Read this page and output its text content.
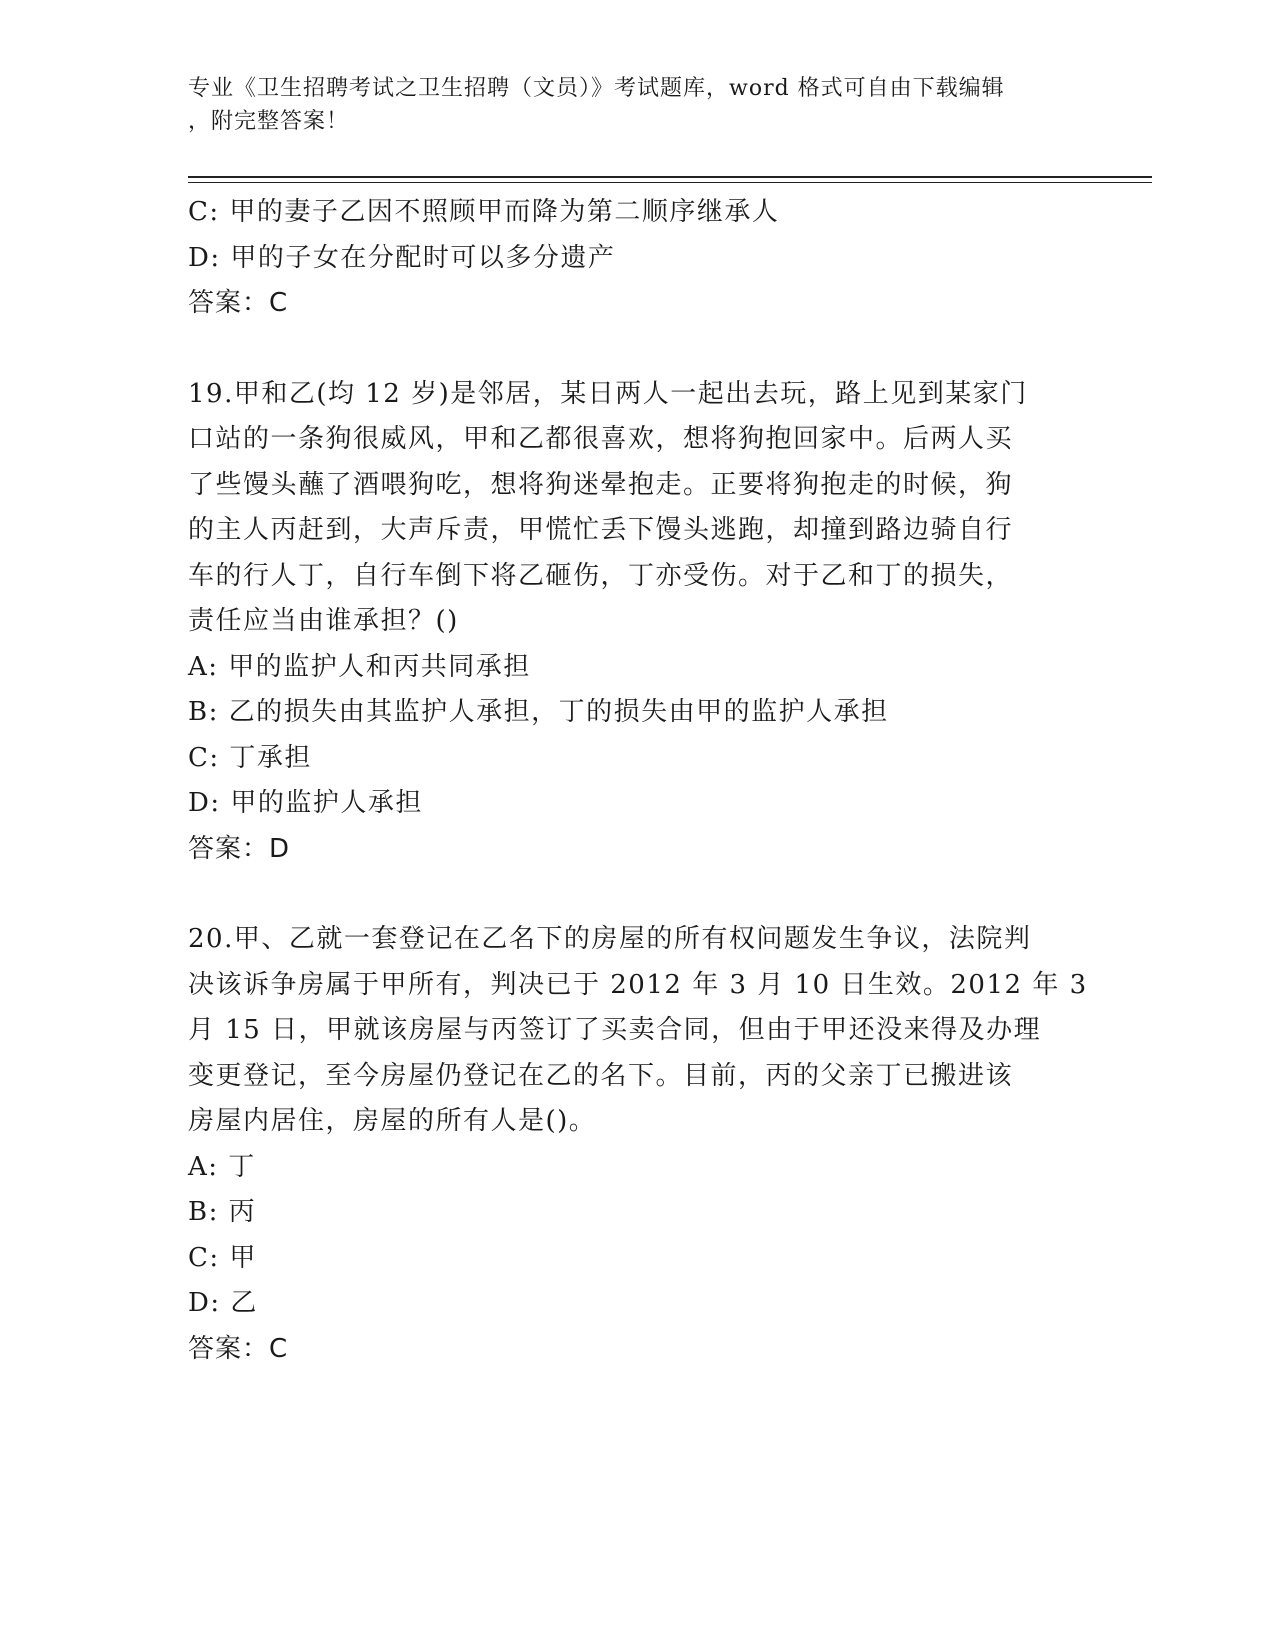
专业《卫生招聘考试之卫生招聘（文员）》考试题库，word 格式可自由下载编辑
，附完整答案！
C: 甲的妻子乙因不照顾甲而降为第二顺序继承人
D: 甲的子女在分配时可以多分遗产
答案：C
19.甲和乙(均 12 岁)是邻居，某日两人一起出去玩，路上见到某家门
口站的一条狗很威风，甲和乙都很喜欢，想将狗抱回家中。后两人买
了些馒头蘸了酒喂狗吃，想将狗迷晕抱走。正要将狗抱走的时候，狗
的主人丙赶到，大声斥责，甲慌忙丢下馒头逃跑，却撞到路边骑自行
车的行人丁，自行车倒下将乙砸伤，丁亦受伤。对于乙和丁的损失，
责任应当由谁承担？()
A: 甲的监护人和丙共同承担
B: 乙的损失由其监护人承担，丁的损失由甲的监护人承担
C: 丁承担
D: 甲的监护人承担
答案：D
20.甲、乙就一套登记在乙名下的房屋的所有权问题发生争议，法院判
决该诉争房属于甲所有，判决已于 2012 年 3 月 10 日生效。2012 年 3
月 15 日，甲就该房屋与丙签订了买卖合同，但由于甲还没来得及办理
变更登记，至今房屋仍登记在乙的名下。目前，丙的父亲丁已搬进该
房屋内居住，房屋的所有人是()。
A: 丁
B: 丙
C: 甲
D: 乙
答案：C
